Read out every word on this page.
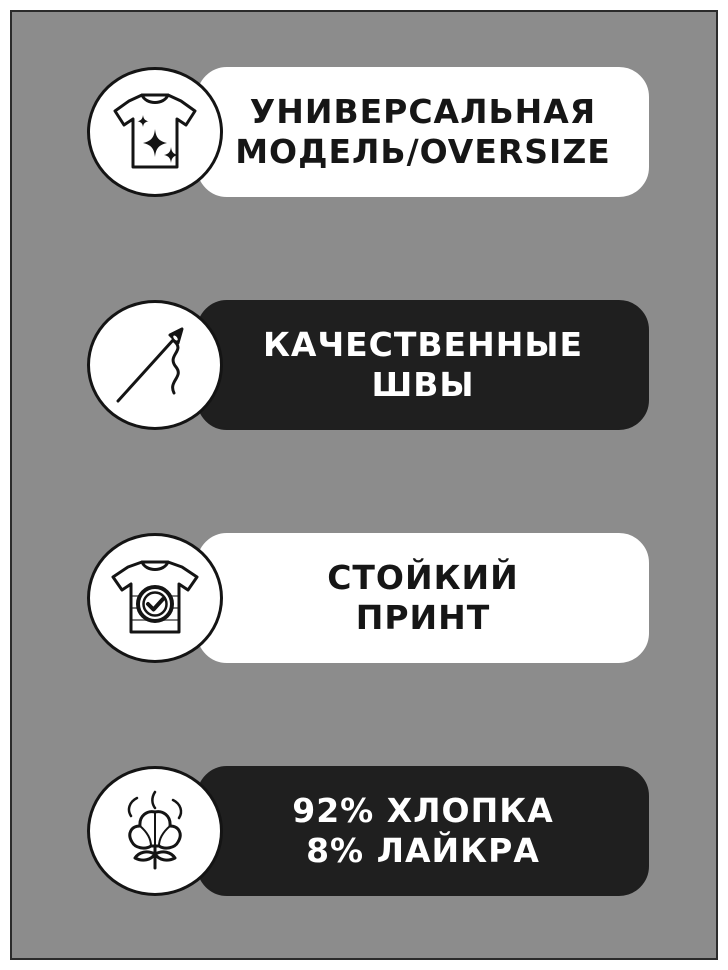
УНИВЕРСАЛЬНАЯ
МОДЕЛЬ/OVERSIZE
КАЧЕСТВЕННЫЕ
ШВЫ
СТОЙКИЙ
ПРИНТ
92% ХЛОПКА
8% ЛАЙКРА
